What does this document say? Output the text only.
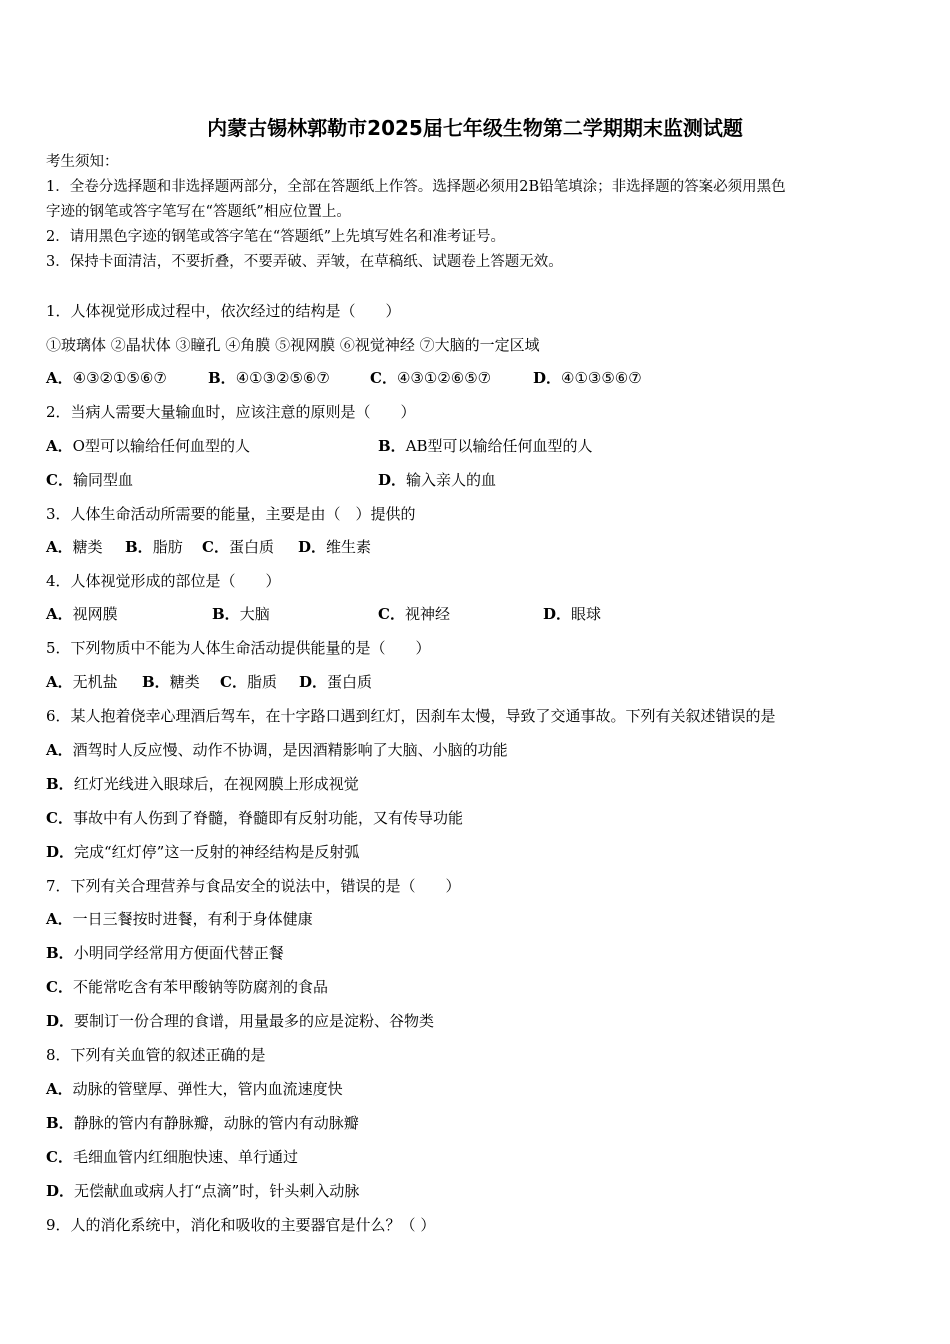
内蒙古锡林郭勒市2025届七年级生物第二学期期末监测试题
考生须知：
1．全卷分选择题和非选择题两部分，全部在答题纸上作答。选择题必须用2B铅笔填涂；非选择题的答案必须用黑色
字迹的钢笔或答字笔写在“答题纸”相应位置上。
2．请用黑色字迹的钢笔或答字笔在“答题纸”上先填写姓名和准考证号。
3．保持卡面清洁，不要折叠，不要弄破、弄皱，在草稿纸、试题卷上答题无效。
1．人体视觉形成过程中，依次经过的结构是（　　）
①玻璃体 ②晶状体 ③瞳孔 ④角膜 ⑤视网膜 ⑥视觉神经 ⑦大脑的一定区域
A．④③②①⑤⑥⑦	B．④①③②⑤⑥⑦	C．④③①②⑥⑤⑦	D．④①③⑤⑥⑦
2．当病人需要大量输血时，应该注意的原则是（　　）
A．O型可以输给任何血型的人	B．AB型可以输给任何血型的人
C．输同型血	D．输入亲人的血
3．人体生命活动所需要的能量，主要是由（　）提供的
A．糖类 B．脂肪 C．蛋白质 D．维生素
4．人体视觉形成的部位是（　　）
A．视网膜	B．大脑	C．视神经	D．眼球
5．下列物质中不能为人体生命活动提供能量的是（　　）
A．无机盐 B．糖类 C．脂质 D．蛋白质
6．某人抱着侥幸心理酒后驾车，在十字路口遇到红灯，因刹车太慢，导致了交通事故。下列有关叙述错误的是
A．酒驾时人反应慢、动作不协调，是因酒精影响了大脑、小脑的功能
B．红灯光线进入眼球后，在视网膜上形成视觉
C．事故中有人伤到了脊髓，脊髓即有反射功能，又有传导功能
D．完成“红灯停”这一反射的神经结构是反射弧
7．下列有关合理营养与食品安全的说法中，错误的是（　　）
A．一日三餐按时进餐，有利于身体健康
B．小明同学经常用方便面代替正餐
C．不能常吃含有苯甲酸钠等防腐剂的食品
D．要制订一份合理的食谱，用量最多的应是淀粉、谷物类
8．下列有关血管的叙述正确的是
A．动脉的管壁厚、弹性大，管内血流速度快
B．静脉的管内有静脉瓣，动脉的管内有动脉瓣
C．毛细血管内红细胞快速、单行通过
D．无偿献血或病人打“点滴”时，针头刺入动脉
9．人的消化系统中，消化和吸收的主要器官是什么？（ ）
